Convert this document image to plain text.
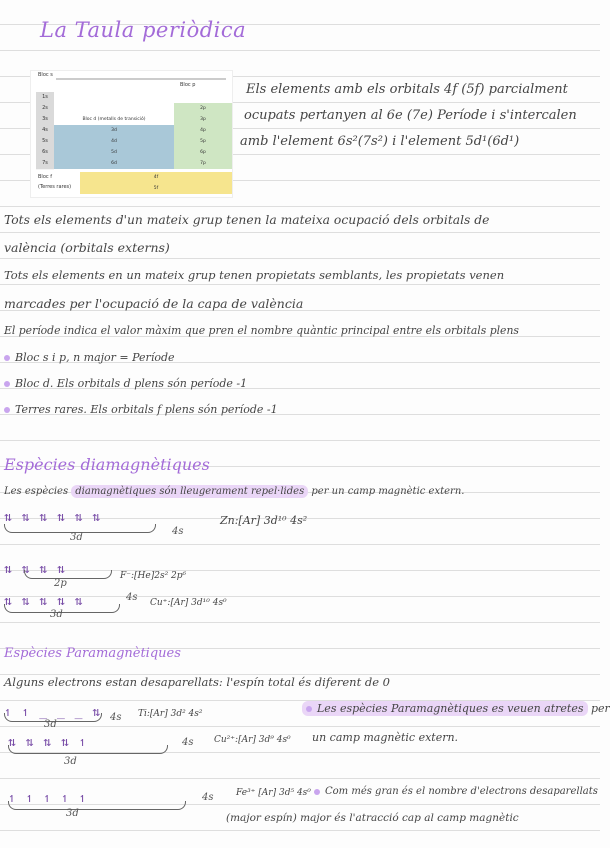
La Taula periòdica
Bloc s
Bloc p
1s
2s	2p
3s	Bloc d (metalls de transició)	3p
4s	3d	4p
5s	4d	5p
6s	5d	6p
7s	6d	7p
Bloc f
(Terres rares)
4f
5f
Els elements amb els orbitals 4f (5f) parcialment
ocupats pertanyen al 6e (7e) Període i s'intercalen
amb l'element 6s²(7s²) i l'element 5d¹(6d¹)
Tots els elements d'un mateix grup tenen la mateixa ocupació dels orbitals de
valència (orbitals externs)
Tots els elements en un mateix grup tenen propietats semblants, les propietats venen
marcades per l'ocupació de la capa de valència
El període indica el valor màxim que pren el nombre quàntic principal entre els orbitals plens
Bloc s i p, n major = Període
Bloc d. Els orbitals d plens són període -1
Terres rares. Els orbitals f plens són període -1
Espècies diamagnètiques
Les espècies diamagnètiques són lleugerament repel·lides per un camp magnètic extern.
⇅ ⇅ ⇅ ⇅ ⇅ ⇅
3d
4s
Zn:[Ar] 3d¹⁰ 4s²
⇅ ⇅ ⇅ ⇅
2p
F⁻:[He]2s² 2p⁶
⇅ ⇅ ⇅ ⇅ ⇅
3d
4s Cu⁺:[Ar] 3d¹⁰ 4s⁰
Espècies Paramagnètiques
Alguns electrons estan desaparellats: l'espín total és diferent de 0
↿ ↿ _ _ _ ⇅
3d
4s Ti:[Ar] 3d² 4s²	Les espècies Paramagnètiques es veuen atretes per
un camp magnètic extern.
⇅ ⇅ ⇅ ⇅ ↿
3d
4s Cu²⁺:[Ar] 3d⁹ 4s⁰
↿ ↿ ↿ ↿ ↿
3d
4s	Fe³⁺ [Ar] 3d⁵ 4s⁰	Com més gran és el nombre d'electrons desaparellats
(major espín) major és l'atracció cap al camp magnètic
